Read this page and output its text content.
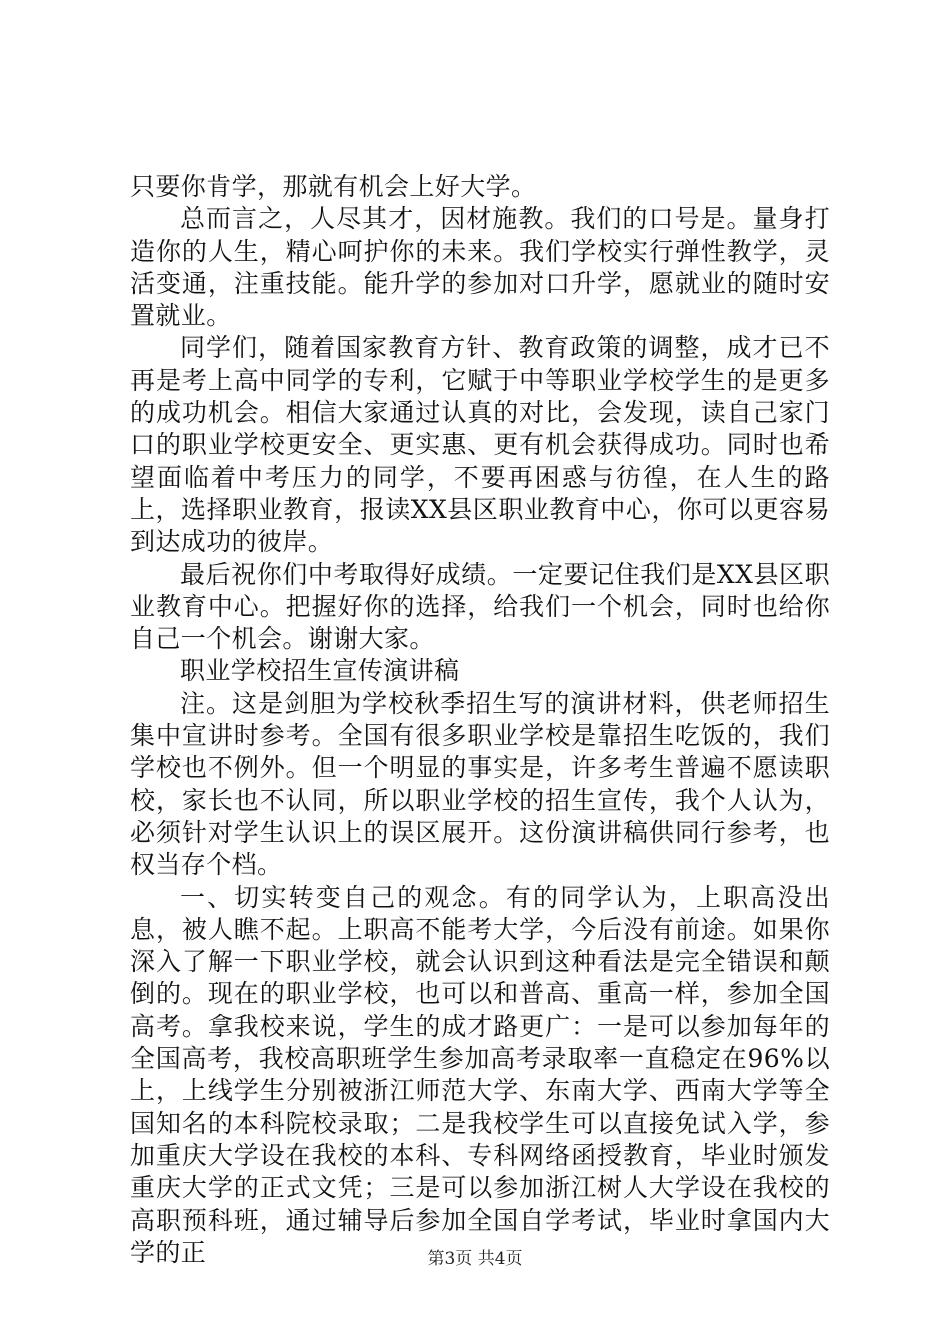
只要你肯学，那就有机会上好大学。

总而言之，人尽其才，因材施教。我们的口号是。量身打造你的人生，精心呵护你的未来。我们学校实行弹性教学，灵活变通，注重技能。能升学的参加对口升学，愿就业的随时安置就业。

同学们，随着国家教育方针、教育政策的调整，成才已不再是考上高中同学的专利，它赋于中等职业学校学生的是更多的成功机会。相信大家通过认真的对比，会发现，读自己家门口的职业学校更安全、更实惠、更有机会获得成功。同时也希望面临着中考压力的同学，不要再困惑与彷徨，在人生的路上，选择职业教育，报读XX县区职业教育中心，你可以更容易到达成功的彼岸。

最后祝你们中考取得好成绩。一定要记住我们是XX县区职业教育中心。把握好你的选择，给我们一个机会，同时也给你自己一个机会。谢谢大家。

职业学校招生宣传演讲稿

注。这是剑胆为学校秋季招生写的演讲材料，供老师招生集中宣讲时参考。全国有很多职业学校是靠招生吃饭的，我们学校也不例外。但一个明显的事实是，许多考生普遍不愿读职校，家长也不认同，所以职业学校的招生宣传，我个人认为，必须针对学生认识上的误区展开。这份演讲稿供同行参考，也权当存个档。

一、切实转变自己的观念。有的同学认为，上职高没出息，被人瞧不起。上职高不能考大学，今后没有前途。如果你深入了解一下职业学校，就会认识到这种看法是完全错误和颠倒的。现在的职业学校，也可以和普高、重高一样，参加全国高考。拿我校来说，学生的成才路更广：一是可以参加每年的全国高考，我校高职班学生参加高考录取率一直稳定在96%以上，上线学生分别被浙江师范大学、东南大学、西南大学等全国知名的本科院校录取；二是我校学生可以直接免试入学，参加重庆大学设在我校的本科、专科网络函授教育，毕业时颁发重庆大学的正式文凭；三是可以参加浙江树人大学设在我校的高职预科班，通过辅导后参加全国自学考试，毕业时拿国内大学的正	第3页 共4页
